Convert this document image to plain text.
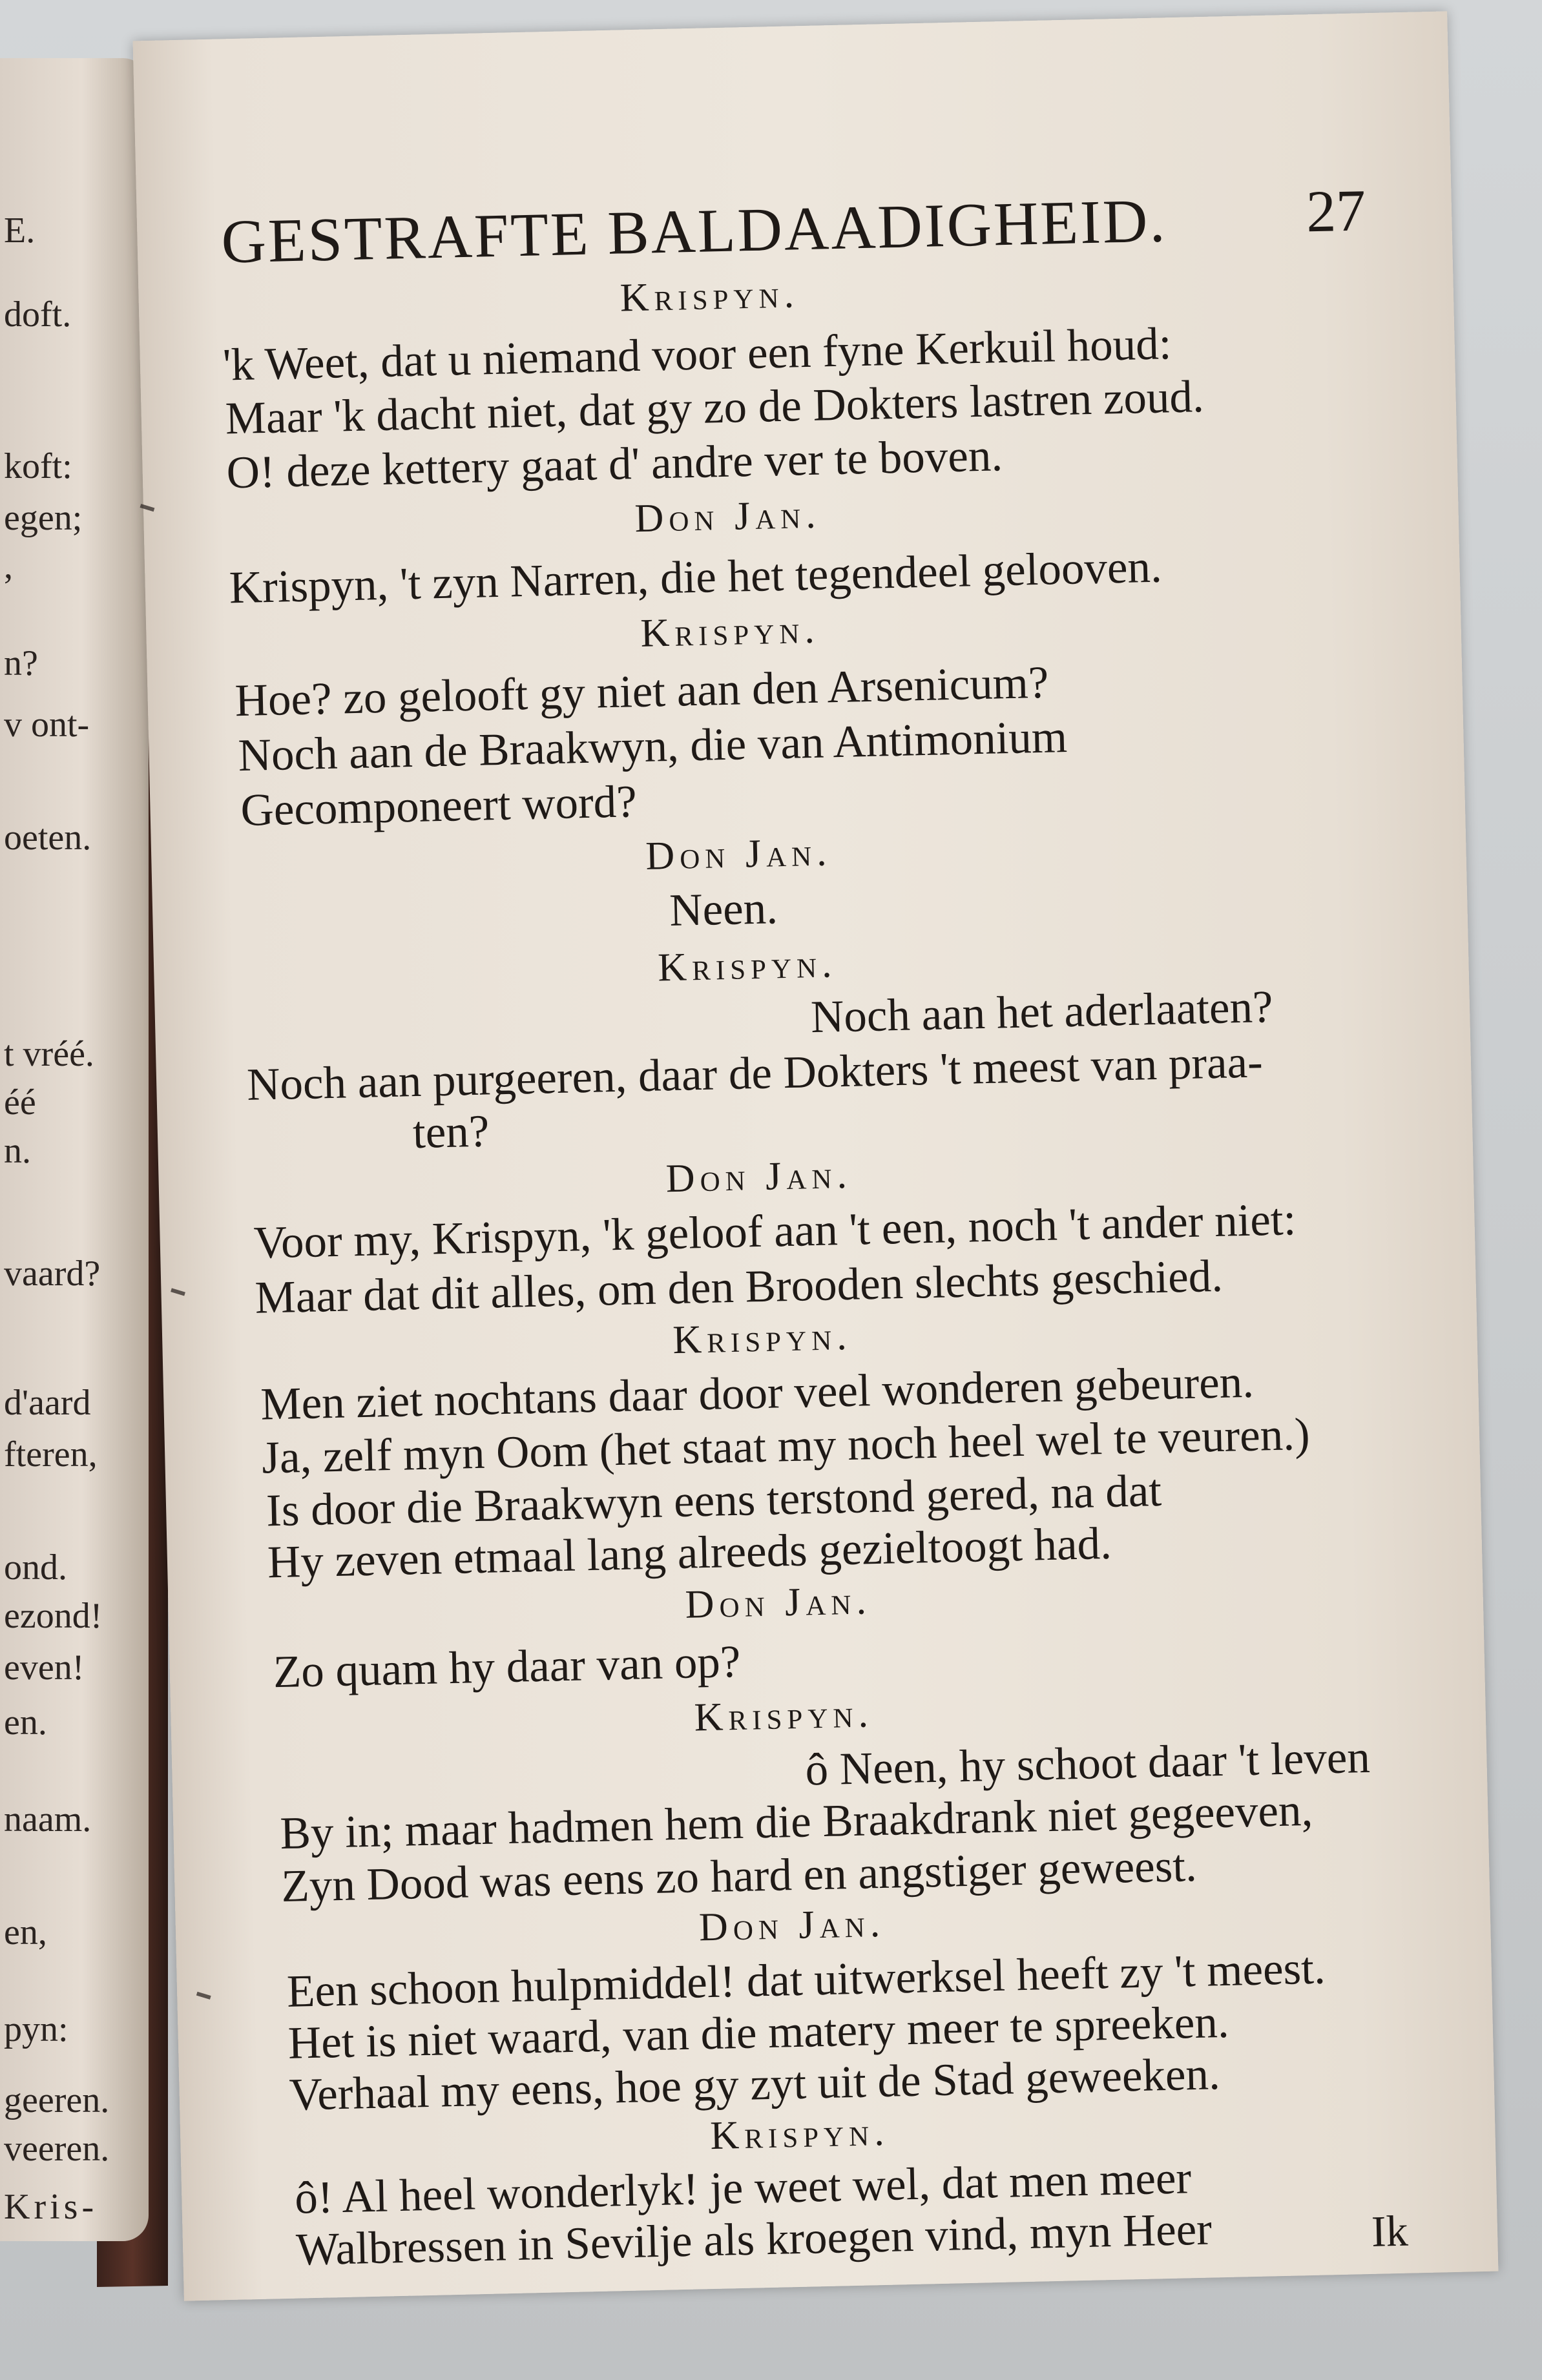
E.
doft.
koft:
egen;
,
n?
v ont-
oeten.
t vréé.
éé
n.
vaard?
d'aard
fteren,
ond.
ezond!
even!
en.
naam.
en,
pyn:
geeren.
veeren.
Kris-
GESTRAFTE BALDAADIGHEID. 27
Krispyn.
'k Weet, dat u niemand voor een fyne Kerkuil houd:
Maar 'k dacht niet, dat gy zo de Dokters lastren zoud.
O! deze kettery gaat d' andre ver te boven.
Don Jan.
Krispyn, 't zyn Narren, die het tegendeel gelooven.
Krispyn.
Hoe? zo gelooft gy niet aan den Arsenicum?
Noch aan de Braakwyn, die van Antimonium
Gecomponeert word?
Don Jan.
Neen.
Krispyn.
Noch aan het aderlaaten?
Noch aan purgeeren, daar de Dokters 't meest van praa-
ten?
Don Jan.
Voor my, Krispyn, 'k geloof aan 't een, noch 't ander niet:
Maar dat dit alles, om den Brooden slechts geschied.
Krispyn.
Men ziet nochtans daar door veel wonderen gebeuren.
Ja, zelf myn Oom (het staat my noch heel wel te veuren.)
Is door die Braakwyn eens terstond gered, na dat
Hy zeven etmaal lang alreeds gezieltoogt had.
Don Jan.
Zo quam hy daar van op?
Krispyn.
ô Neen, hy schoot daar 't leven
By in; maar hadmen hem die Braakdrank niet gegeeven,
Zyn Dood was eens zo hard en angstiger geweest.
Don Jan.
Een schoon hulpmiddel! dat uitwerksel heeft zy 't meest.
Het is niet waard, van die matery meer te spreeken.
Verhaal my eens, hoe gy zyt uit de Stad geweeken.
Krispyn.
ô! Al heel wonderlyk! je weet wel, dat men meer
Walbressen in Sevilje als kroegen vind, myn Heer	Ik
